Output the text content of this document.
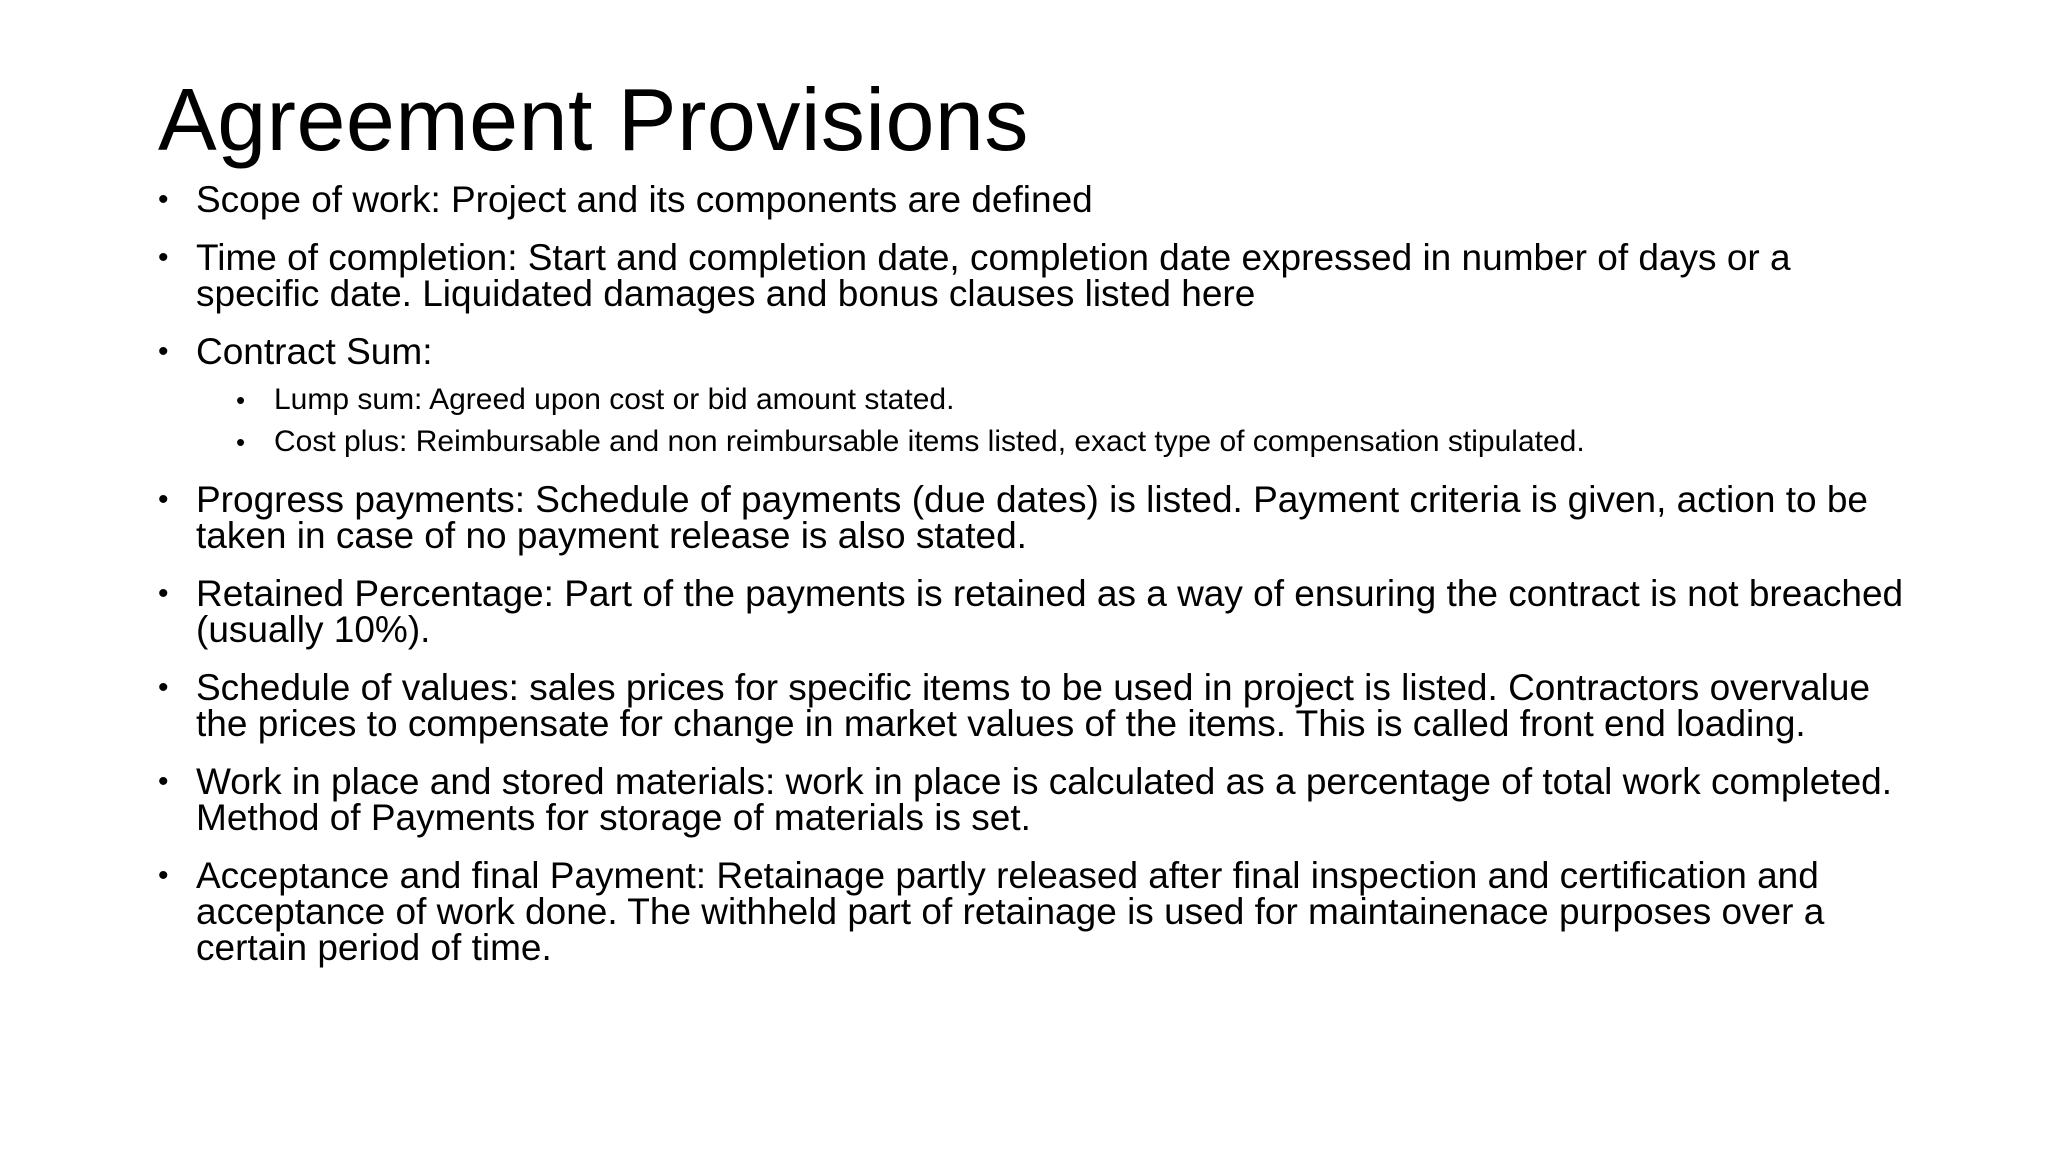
Agreement Provisions
• Scope of work: Project and its components are defined
• Time of completion: Start and completion date, completion date expressed in number of days or a specific date. Liquidated damages and bonus clauses listed here
• Contract Sum:
• Lump sum: Agreed upon cost or bid amount stated.
• Cost plus: Reimbursable and non reimbursable items listed, exact type of compensation stipulated.
• Progress payments: Schedule of payments (due dates) is listed. Payment criteria is given, action to be taken in case of no payment release is also stated.
• Retained Percentage: Part of the payments is retained as a way of ensuring the contract is not breached (usually 10%).
• Schedule of values: sales prices for specific items to be used in project is listed. Contractors overvalue the prices to compensate for change in market values of the items. This is called front end loading.
• Work in place and stored materials: work in place is calculated as a percentage of total work completed. Method of Payments for storage of materials is set.
• Acceptance and final Payment: Retainage partly released after final inspection and certification and acceptance of work done. The withheld part of retainage is used for maintainenace purposes over a certain period of time.
